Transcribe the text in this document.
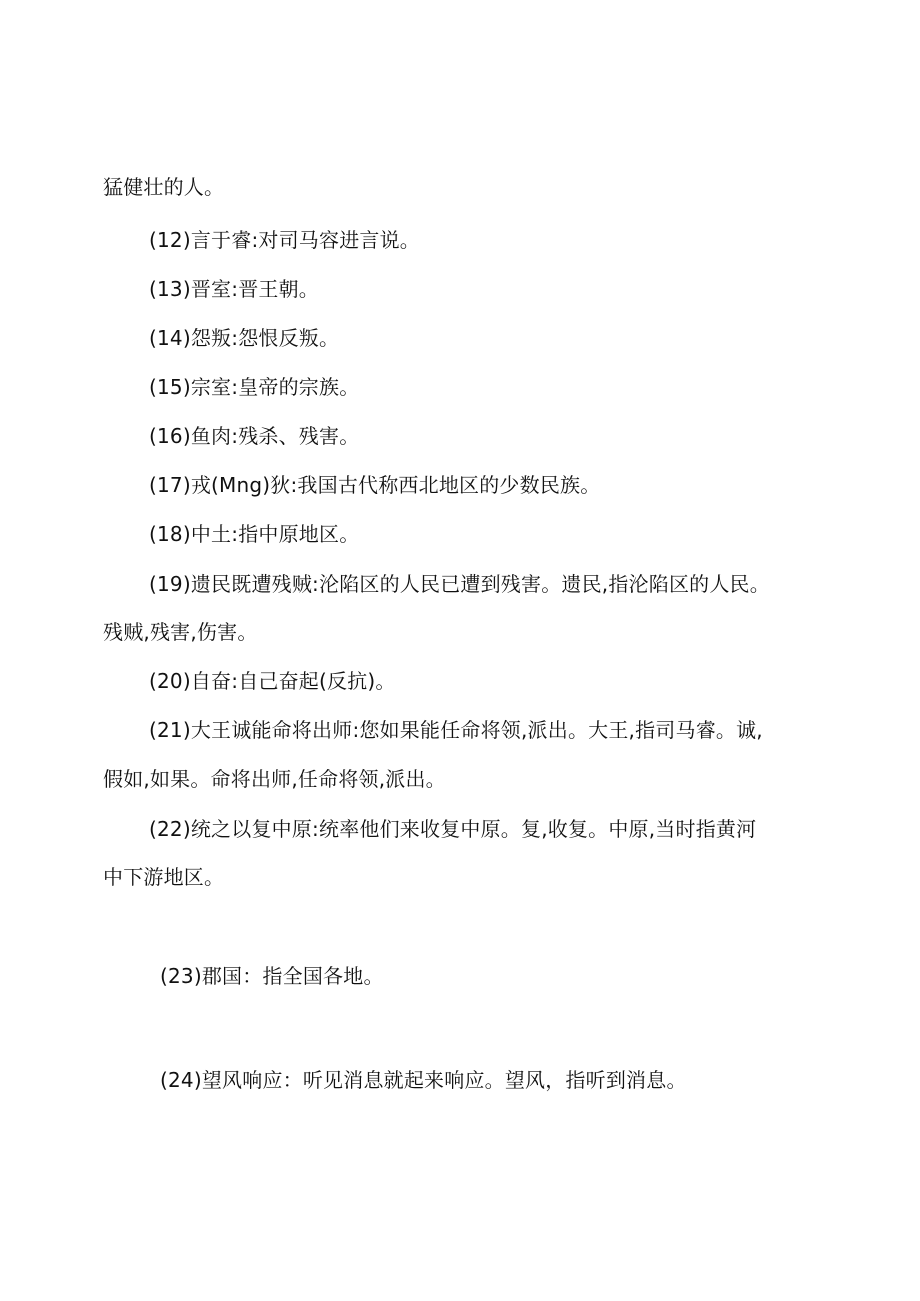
猛健壮的人。
(12)言于睿:对司马容进言说。
(13)晋室:晋王朝。
(14)怨叛:怨恨反叛。
(15)宗室:皇帝的宗族。
(16)鱼肉:残杀、残害。
(17)戎(Mng)狄:我国古代称西北地区的少数民族。
(18)中土:指中原地区。
(19)遗民既遭残贼:沦陷区的人民已遭到残害。遗民,指沦陷区的人民。
残贼,残害,伤害。
(20)自奋:自己奋起(反抗)。
(21)大王诚能命将出师:您如果能任命将领,派出。大王,指司马睿。诚,
假如,如果。命将出师,任命将领,派出。
(22)统之以复中原:统率他们来收复中原。复,收复。中原,当时指黄河
中下游地区。
(23)郡国：指全国各地。
(24)望风响应：听见消息就起来响应。望风，指听到消息。
